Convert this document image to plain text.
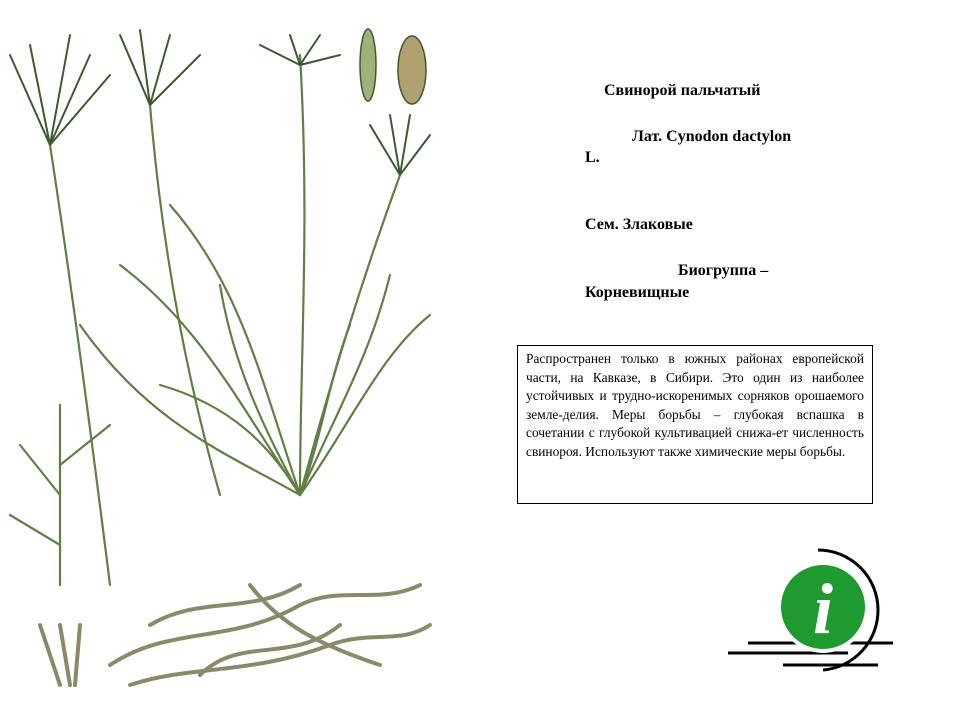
Свинорой пальчатый
Лат. Cynodon dactylon
L.
Сем. Злаковые
Биогруппа –
Корневищные
Распространен только в южных районах европейской части, на Кавказе, в Сибири. Это один из наиболее устойчивых и трудно-искоренимых сорняков орошаемого земле-делия. Меры борьбы – глубокая вспашка в сочетании с глубокой культивацией снижа-ет численность свинороя. Используют также химические меры борьбы.
i
